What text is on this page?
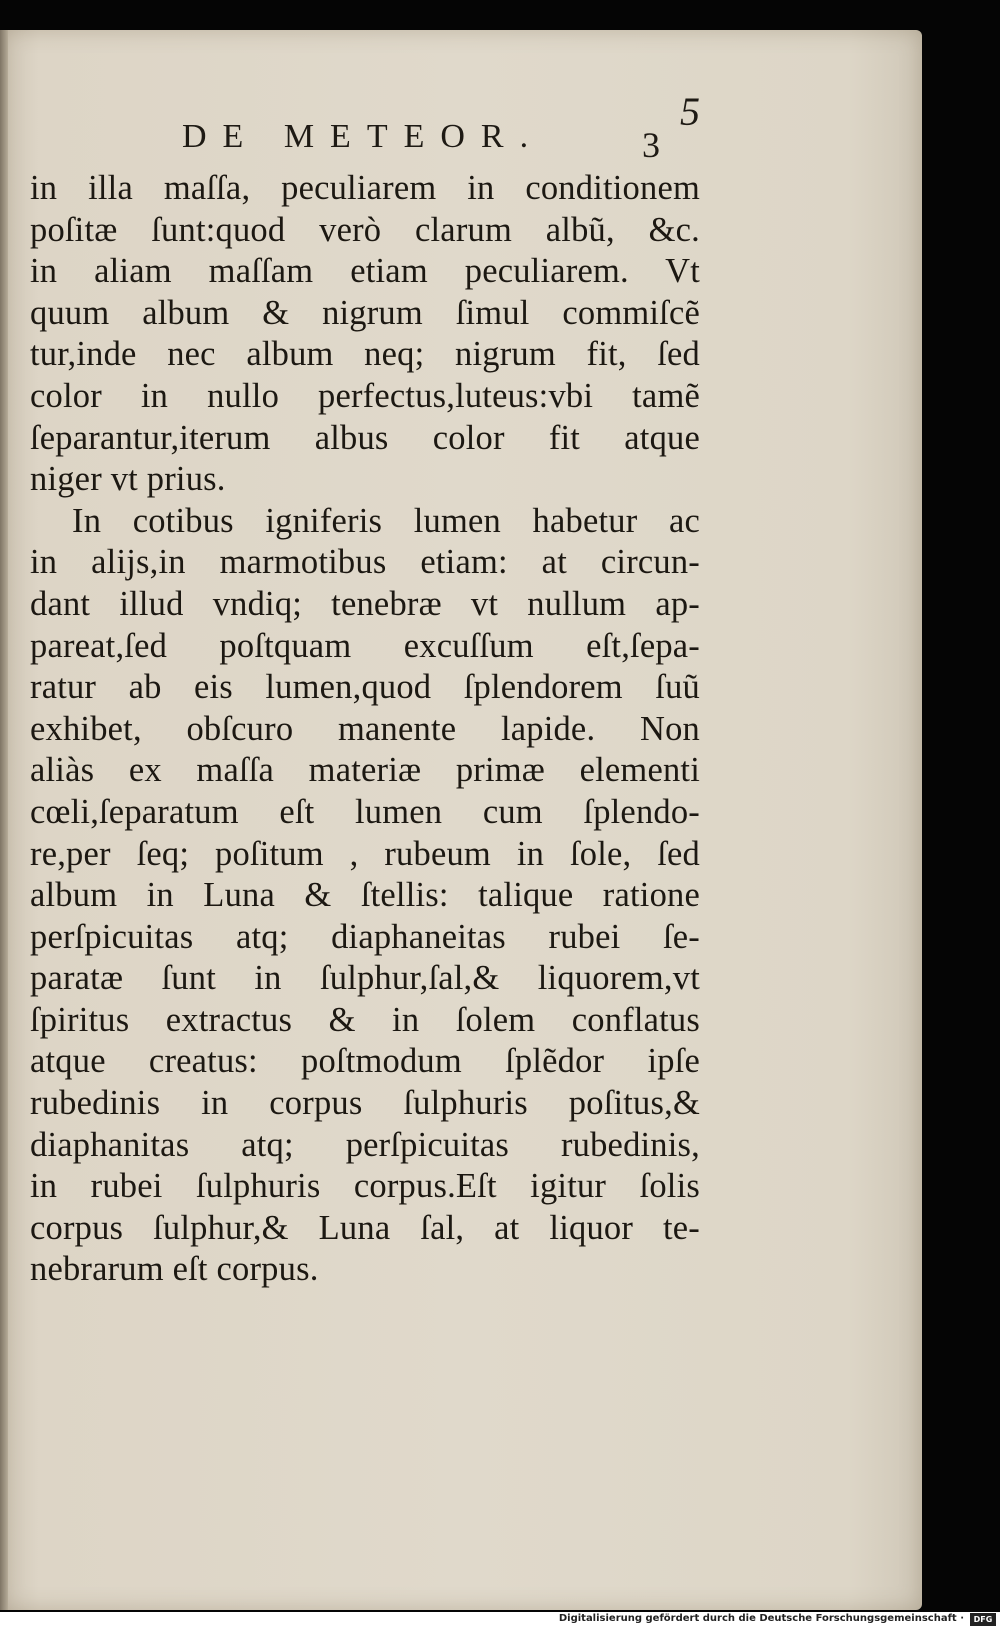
DE METEOR.	3
5
in illa maſſa, peculiarem in conditionem
poſitæ ſunt:quod verò clarum albũ, &c.
in aliam maſſam etiam peculiarem. Vt
quum album & nigrum ſimul commiſcẽ
tur,inde nec album neq; nigrum fit, ſed
color in nullo perfectus,luteus:vbi tamẽ
ſeparantur,iterum albus color fit atque
niger vt prius.
In cotibus igniferis lumen habetur ac
in alijs,in marmotibus etiam: at circun-
dant illud vndiq; tenebræ vt nullum ap-
pareat,ſed poſtquam excuſſum eſt,ſepa-
ratur ab eis lumen,quod ſplendorem ſuũ
exhibet, obſcuro manente lapide. Non
aliàs ex maſſa materiæ primæ elementi
cœli,ſeparatum eſt lumen cum ſplendo-
re,per ſeq; poſitum , rubeum in ſole, ſed
album in Luna & ſtellis: talique ratione
perſpicuitas atq; diaphaneitas rubei ſe-
paratæ ſunt in ſulphur,ſal,& liquorem,vt
ſpiritus extractus & in ſolem conflatus
atque creatus: poſtmodum ſplẽdor ipſe
rubedinis in corpus ſulphuris poſitus,&
diaphanitas atq; perſpicuitas rubedinis,
in rubei ſulphuris corpus.Eſt igitur ſolis
corpus ſulphur,& Luna ſal, at liquor te-
nebrarum eſt corpus.
Digitalisierung gefördert durch die Deutsche Forschungsgemeinschaft ·	DFG
